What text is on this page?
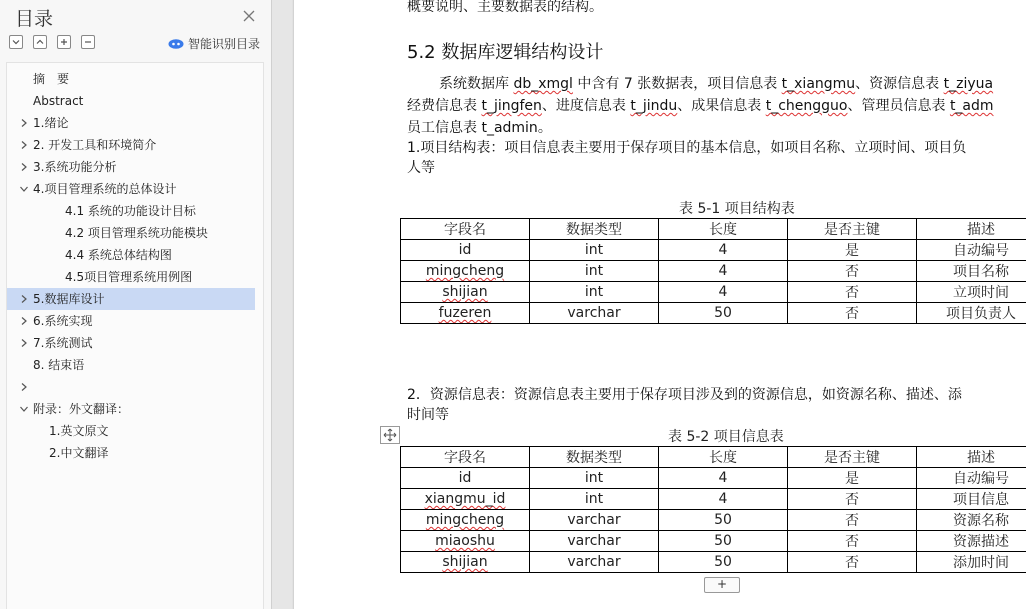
目录
智能识别目录
摘　要
Abstract
1.绪论
2. 开发工具和环境简介
3.系统功能分析
4.项目管理系统的总体设计
4.1 系统的功能设计目标
4.2 项目管理系统功能模块
4.4 系统总体结构图
4.5项目管理系统用例图
5.数据库设计
6.系统实现
7.系统测试
8. 结束语
附录：外文翻译：
1.英文原文
2.中文翻译
概要说明、主要数据表的结构。
5.2 数据库逻辑结构设计
系统数据库 db_xmgl 中含有 7 张数据表，项目信息表 t_xiangmu、资源信息表 t_ziyua
经费信息表 t_jingfen、进度信息表 t_jindu、成果信息表 t_chengguo、管理员信息表 t_adm
员工信息表 t_admin。
1.项目结构表：项目信息表主要用于保存项目的基本信息，如项目名称、立项时间、项目负
人等
表 5-1 项目结构表
字段名	数据类型	长度	是否主键	描述
id	int	4	是	自动编号
mingcheng	int	4	否	项目名称
shijian	int	4	否	立项时间
fuzeren	varchar	50	否	项目负责人
2．资源信息表：资源信息表主要用于保存项目涉及到的资源信息，如资源名称、描述、添
时间等
表 5-2 项目信息表
字段名	数据类型	长度	是否主键	描述
id	int	4	是	自动编号
xiangmu_id	int	4	否	项目信息
mingcheng	varchar	50	否	资源名称
miaoshu	varchar	50	否	资源描述
shijian	varchar	50	否	添加时间
+
